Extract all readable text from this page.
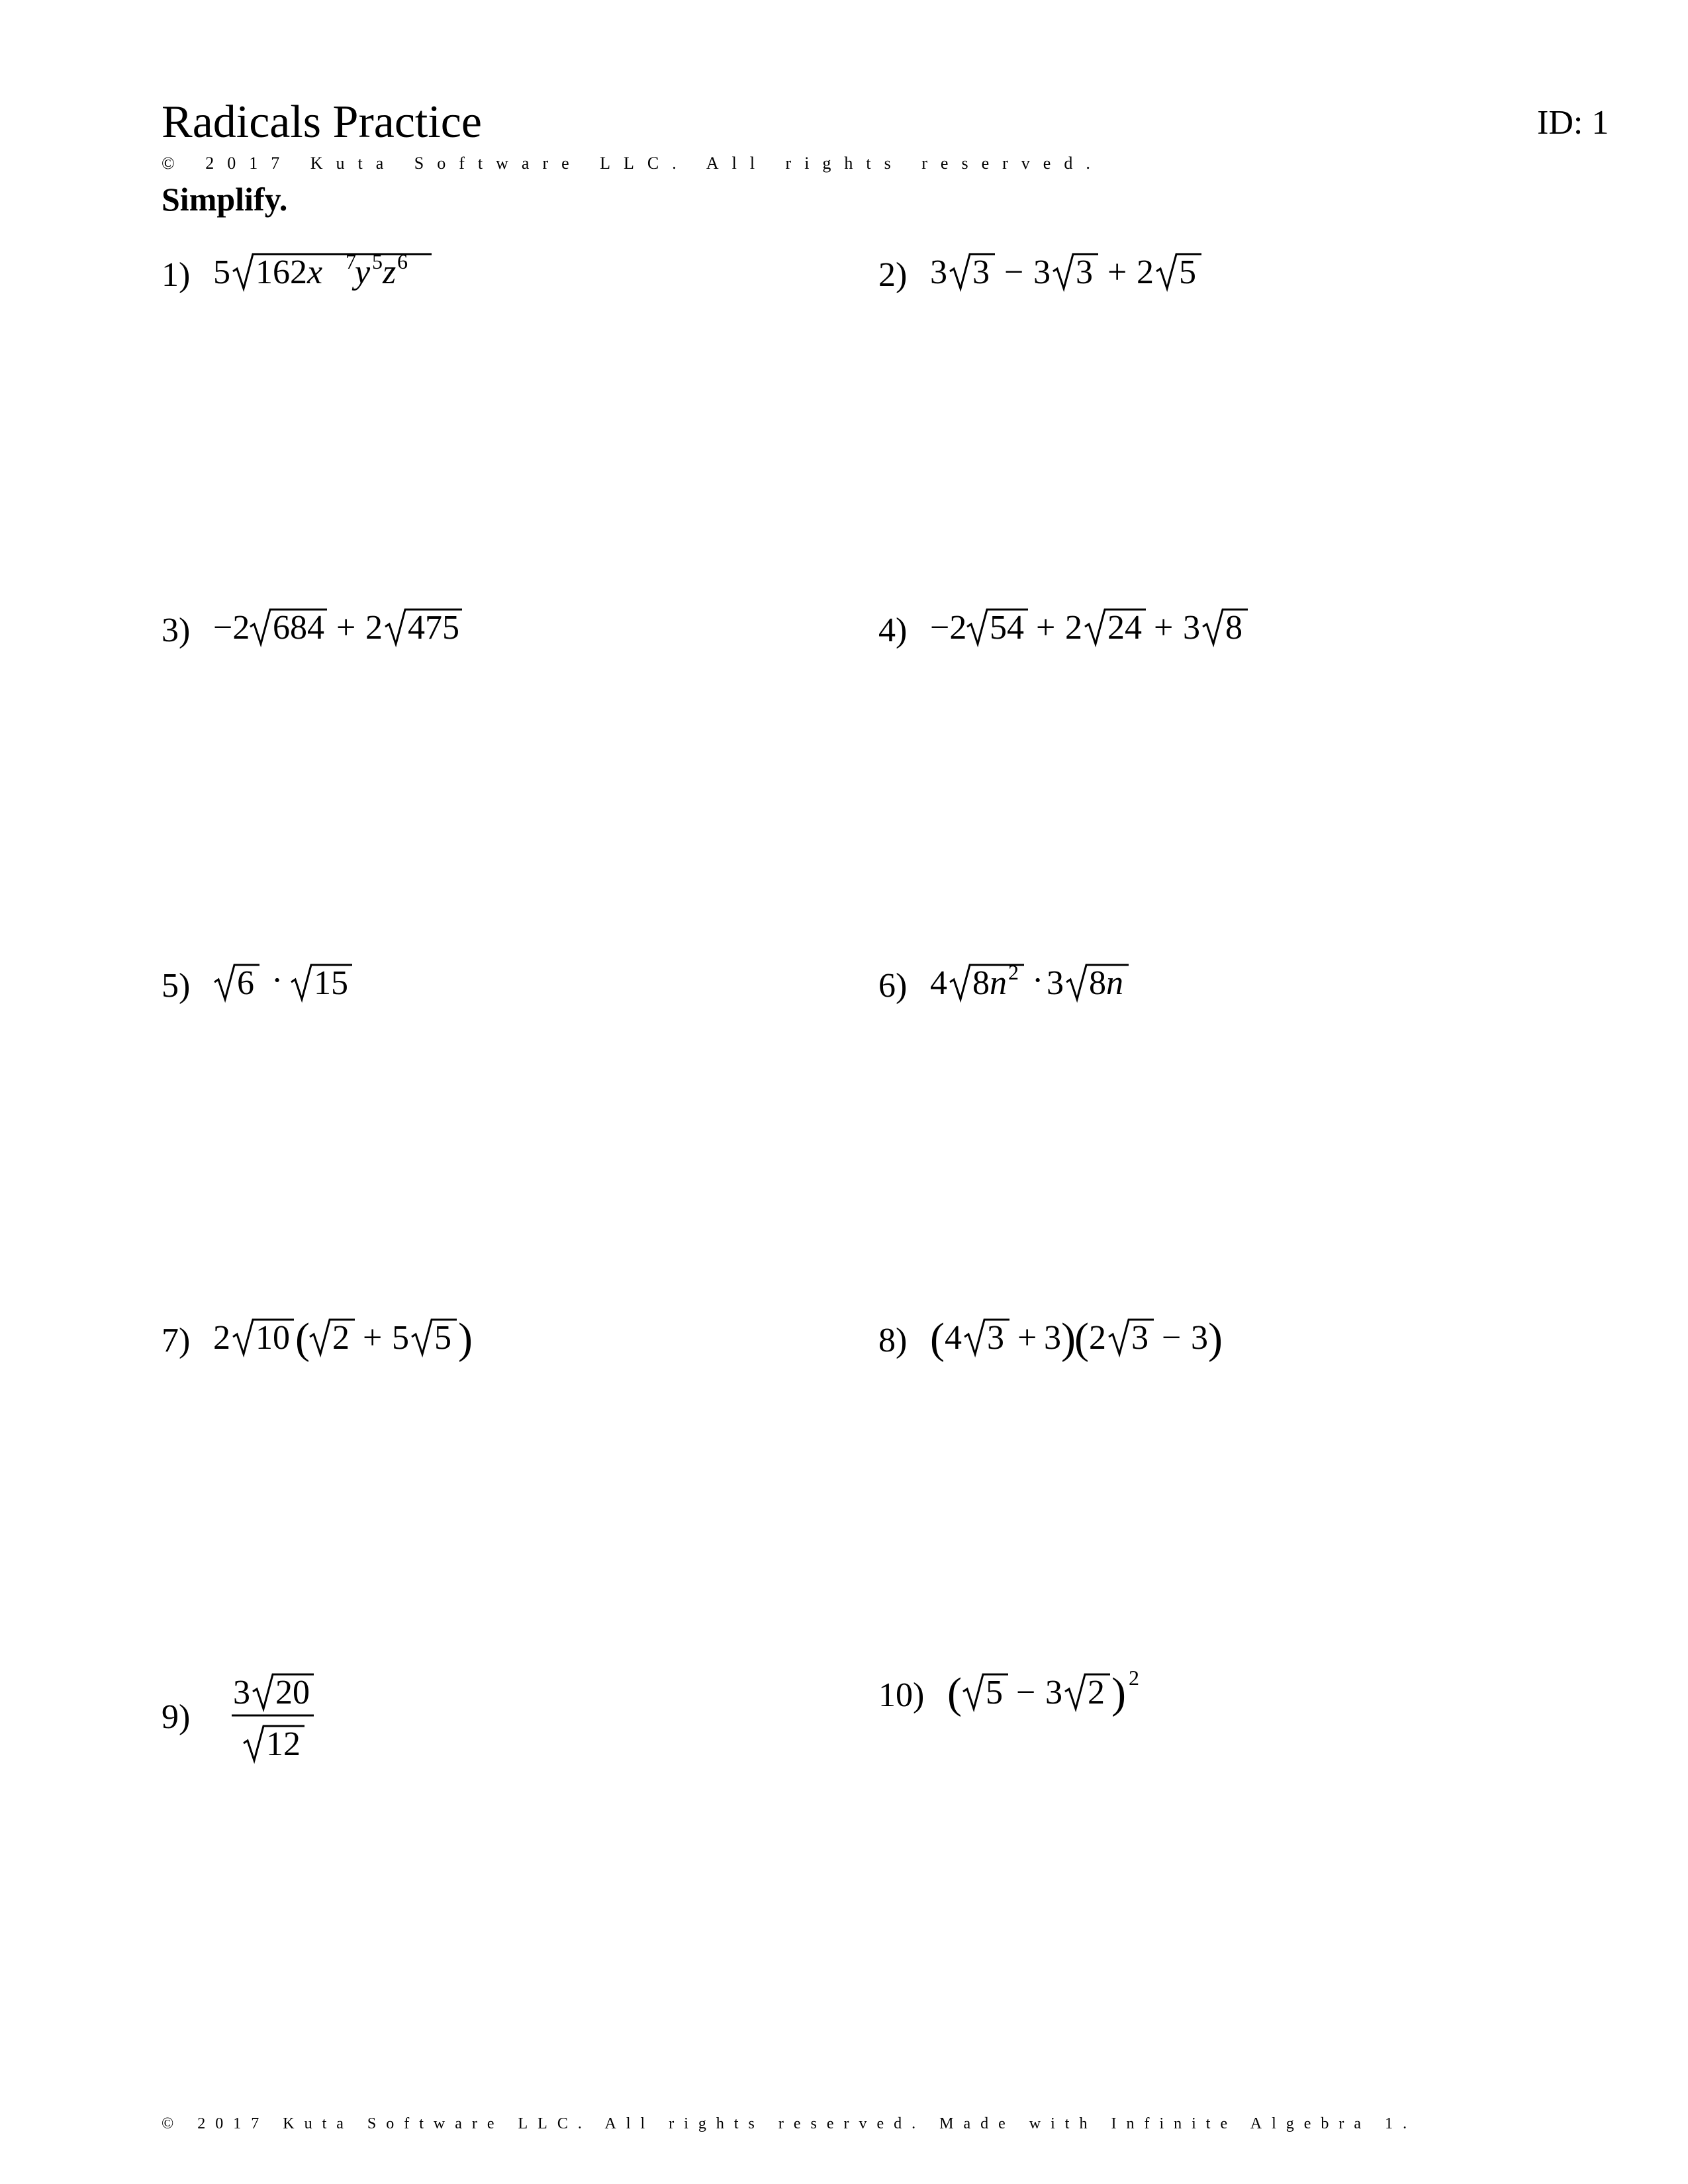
Radicals Practice	ID: 1
© 2017 Kuta Software LLC. All rights reserved.
Simplify.
1) 5 162x 7
y 5 z 6	2) 3 3 − 3 3 + 2 5
3) −2 684 + 2 475	4) −2 54 + 2 24 + 3 8
5) 6 · 15	6) 4 8n 2 · 3 8n
7) 2 10 ( 2 + 5 5 )	8) ( 4 3 + 3 )
( 2 3 − 3 )
9)
3 20
12
10) ( 5 − 3 2 ) 2
© 2017 Kuta Software LLC. All rights reserved. Made with Infinite Algebra 1.
